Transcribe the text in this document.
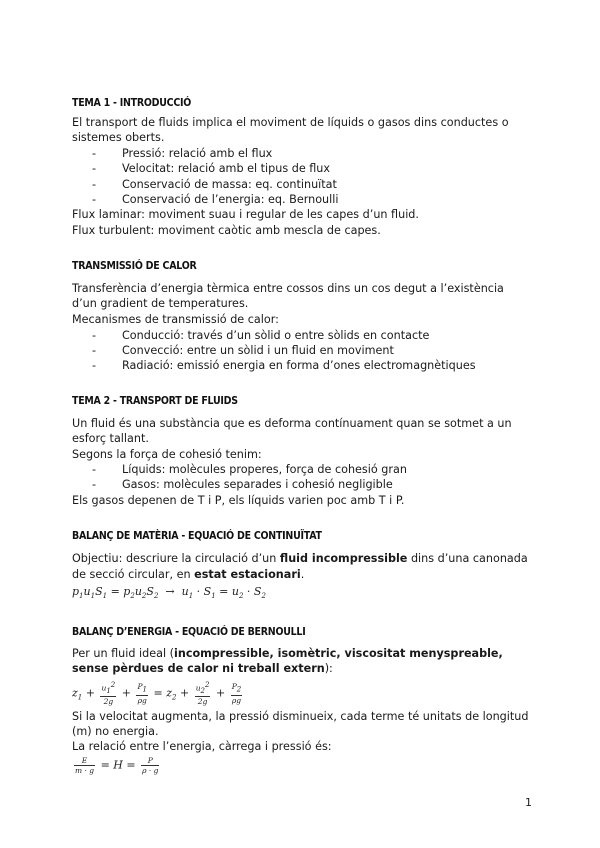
TEMA 1 - INTRODUCCIÓ
El transport de fluids implica el moviment de líquids o gasos dins conductes o sistemes oberts.
- Pressió: relació amb el flux
- Velocitat: relació amb el tipus de flux
- Conservació de massa: eq. continuïtat
- Conservació de l’energia: eq. Bernoulli
Flux laminar: moviment suau i regular de les capes d’un fluid.
Flux turbulent: moviment caòtic amb mescla de capes.
TRANSMISSIÓ DE CALOR
Transferència d’energia tèrmica entre cossos dins un cos degut a l’existència d’un gradient de temperatures.
Mecanismes de transmissió de calor:
- Conducció: través d’un sòlid o entre sòlids en contacte
- Convecció: entre un sòlid i un fluid en moviment
- Radiació: emissió energia en forma d’ones electromagnètiques
TEMA 2 - TRANSPORT DE FLUIDS
Un fluid és una substància que es deforma contínuament quan se sotmet a un esforç tallant.
Segons la força de cohesió tenim:
- Líquids: molècules properes, força de cohesió gran
- Gasos: molècules separades i cohesió negligible
Els gasos depenen de T i P, els líquids varien poc amb T i P.
BALANÇ DE MATÈRIA - EQUACIÓ DE CONTINUÏTAT
Objectiu: descriure la circulació d’un fluid incompressible dins d’una canonada
de secció circular, en estat estacionari.
$p_1u_1S_1 = p_2u_2S_2 \to u_1 \cdot S_1 = u_2 \cdot S_2$
BALANÇ D’ENERGIA - EQUACIÓ DE BERNOULLI
Per un fluid ideal (incompressible, isomètric, viscositat menyspreable,
sense pèrdues de calor ni treball extern):
$z_1 + \frac{u_1^2}{2g} + \frac{P_1}{\rho g} = z_2 + \frac{u_2^2}{2g} + \frac{P_2}{\rho g}$
Si la velocitat augmenta, la pressió disminueix, cada terme té unitats de longitud (m) no energia.
La relació entre l’energia, càrrega i pressió és:
$\frac{E}{m \cdot g} = H = \frac{P}{\rho \cdot g}$
1
